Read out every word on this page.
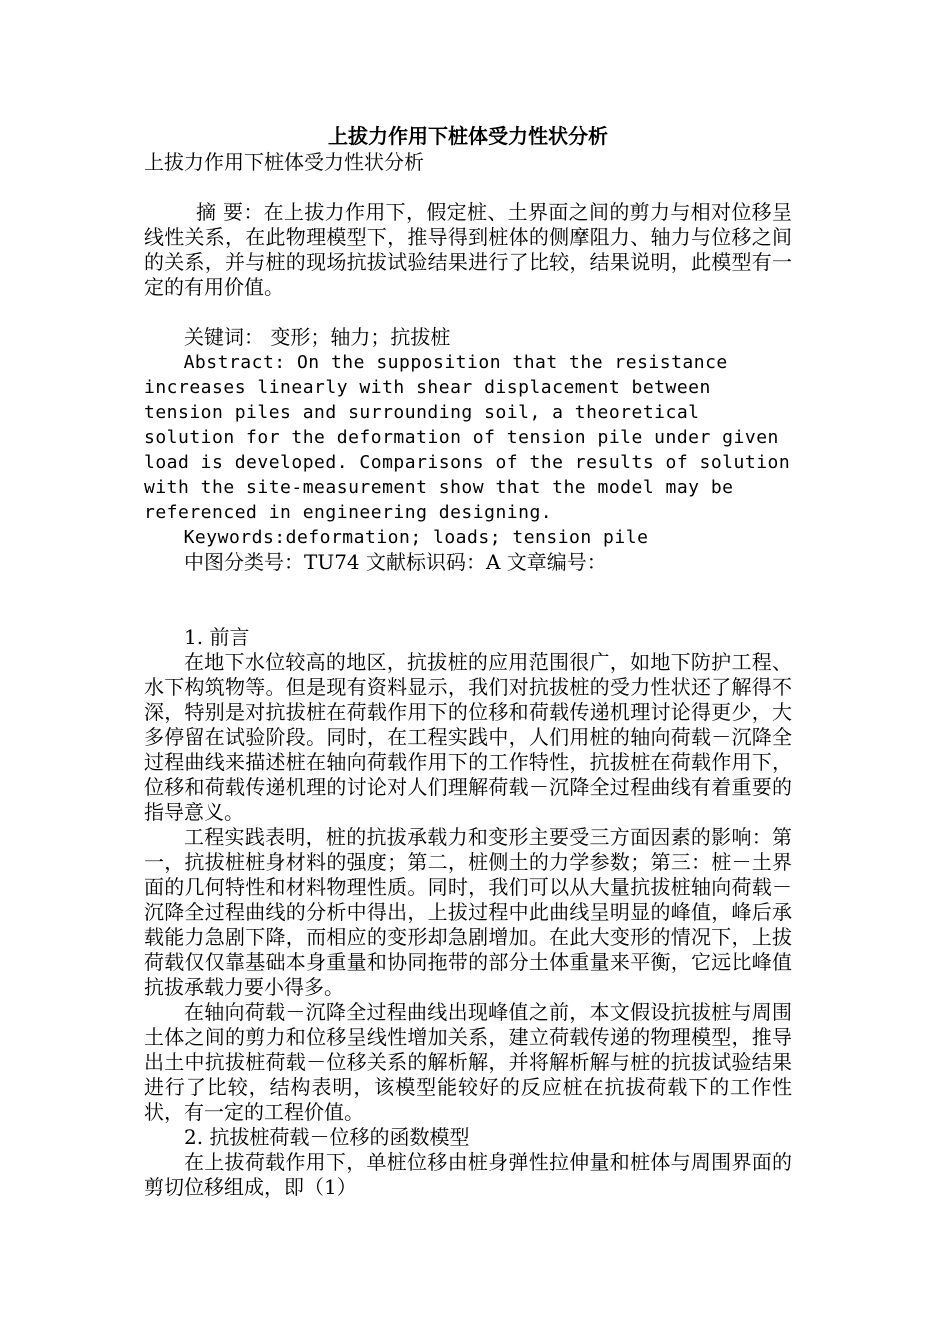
上拔力作用下桩体受力性状分析

上拔力作用下桩体受力性状分析

摘 要：在上拔力作用下，假定桩、土界面之间的剪力与相对位移呈线性关系，在此物理模型下，推导得到桩体的侧摩阻力、轴力与位移之间的关系，并与桩的现场抗拔试验结果进行了比较，结果说明，此模型有一定的有用价值。

关键词： 变形；轴力；抗拔桩

Abstract: On the supposition that the resistance increases linearly with shear displacement between tension piles and surrounding soil, a theoretical solution for the deformation of tension pile under given load is developed. Comparisons of the results of solution with the site-measurement show that the model may be referenced in engineering designing.

Keywords:deformation; loads; tension pile

中图分类号：TU74 文献标识码：A 文章编号：

1. 前言

在地下水位较高的地区，抗拔桩的应用范围很广，如地下防护工程、水下构筑物等。但是现有资料显示，我们对抗拔桩的受力性状还了解得不深，特别是对抗拔桩在荷载作用下的位移和荷载传递机理讨论得更少，大多停留在试验阶段。同时，在工程实践中，人们用桩的轴向荷载－沉降全过程曲线来描述桩在轴向荷载作用下的工作特性，抗拔桩在荷载作用下，位移和荷载传递机理的讨论对人们理解荷载－沉降全过程曲线有着重要的指导意义。

工程实践表明，桩的抗拔承载力和变形主要受三方面因素的影响：第一，抗拔桩桩身材料的强度；第二，桩侧土的力学参数；第三：桩－土界面的几何特性和材料物理性质。同时，我们可以从大量抗拔桩轴向荷载－沉降全过程曲线的分析中得出，上拔过程中此曲线呈明显的峰值，峰后承载能力急剧下降，而相应的变形却急剧增加。在此大变形的情况下，上拔荷载仅仅靠基础本身重量和协同拖带的部分土体重量来平衡，它远比峰值抗拔承载力要小得多。

在轴向荷载－沉降全过程曲线出现峰值之前，本文假设抗拔桩与周围土体之间的剪力和位移呈线性增加关系，建立荷载传递的物理模型，推导出土中抗拔桩荷载－位移关系的解析解，并将解析解与桩的抗拔试验结果进行了比较，结构表明，该模型能较好的反应桩在抗拔荷载下的工作性状，有一定的工程价值。

2. 抗拔桩荷载－位移的函数模型

在上拔荷载作用下，单桩位移由桩身弹性拉伸量和桩体与周围界面的剪切位移组成，即（1）
